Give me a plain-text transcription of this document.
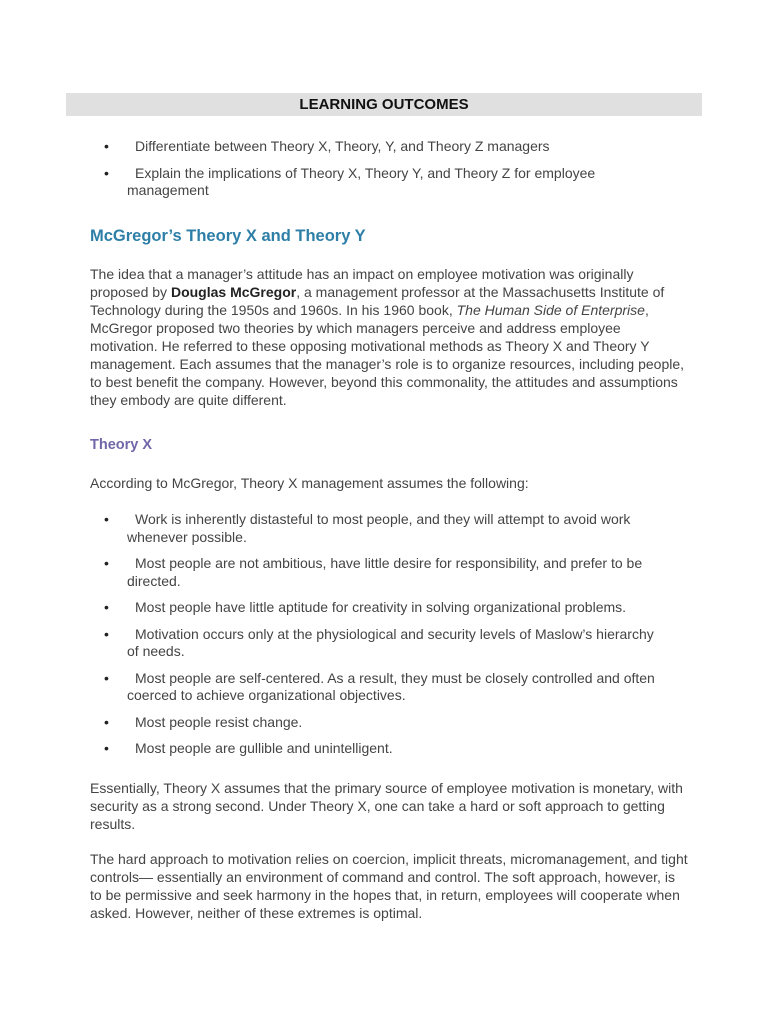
LEARNING OUTCOMES
•	Differentiate between Theory X, Theory, Y, and Theory Z managers
•	Explain the implications of Theory X, Theory Y, and Theory Z for employee management
McGregor’s Theory X and Theory Y

The idea that a manager’s attitude has an impact on employee motivation was originally proposed by Douglas McGregor, a management professor at the Massachusetts Institute of Technology during the 1950s and 1960s. In his 1960 book, The Human Side of Enterprise, McGregor proposed two theories by which managers perceive and address employee motivation. He referred to these opposing motivational methods as Theory X and Theory Y management. Each assumes that the manager’s role is to organize resources, including people, to best benefit the company. However, beyond this commonality, the attitudes and assumptions they embody are quite different.

Theory X

According to McGregor, Theory X management assumes the following:

•	Work is inherently distasteful to most people, and they will attempt to avoid work whenever possible.
•	Most people are not ambitious, have little desire for responsibility, and prefer to be directed.
•	Most people have little aptitude for creativity in solving organizational problems.
•	Motivation occurs only at the physiological and security levels of Maslow’s hierarchy of needs.
•	Most people are self-centered. As a result, they must be closely controlled and often coerced to achieve organizational objectives.
•	Most people resist change.
•	Most people are gullible and unintelligent.

Essentially, Theory X assumes that the primary source of employee motivation is monetary, with security as a strong second. Under Theory X, one can take a hard or soft approach to getting results.

The hard approach to motivation relies on coercion, implicit threats, micromanagement, and tight controls— essentially an environment of command and control. The soft approach, however, is to be permissive and seek harmony in the hopes that, in return, employees will cooperate when asked. However, neither of these extremes is optimal.
